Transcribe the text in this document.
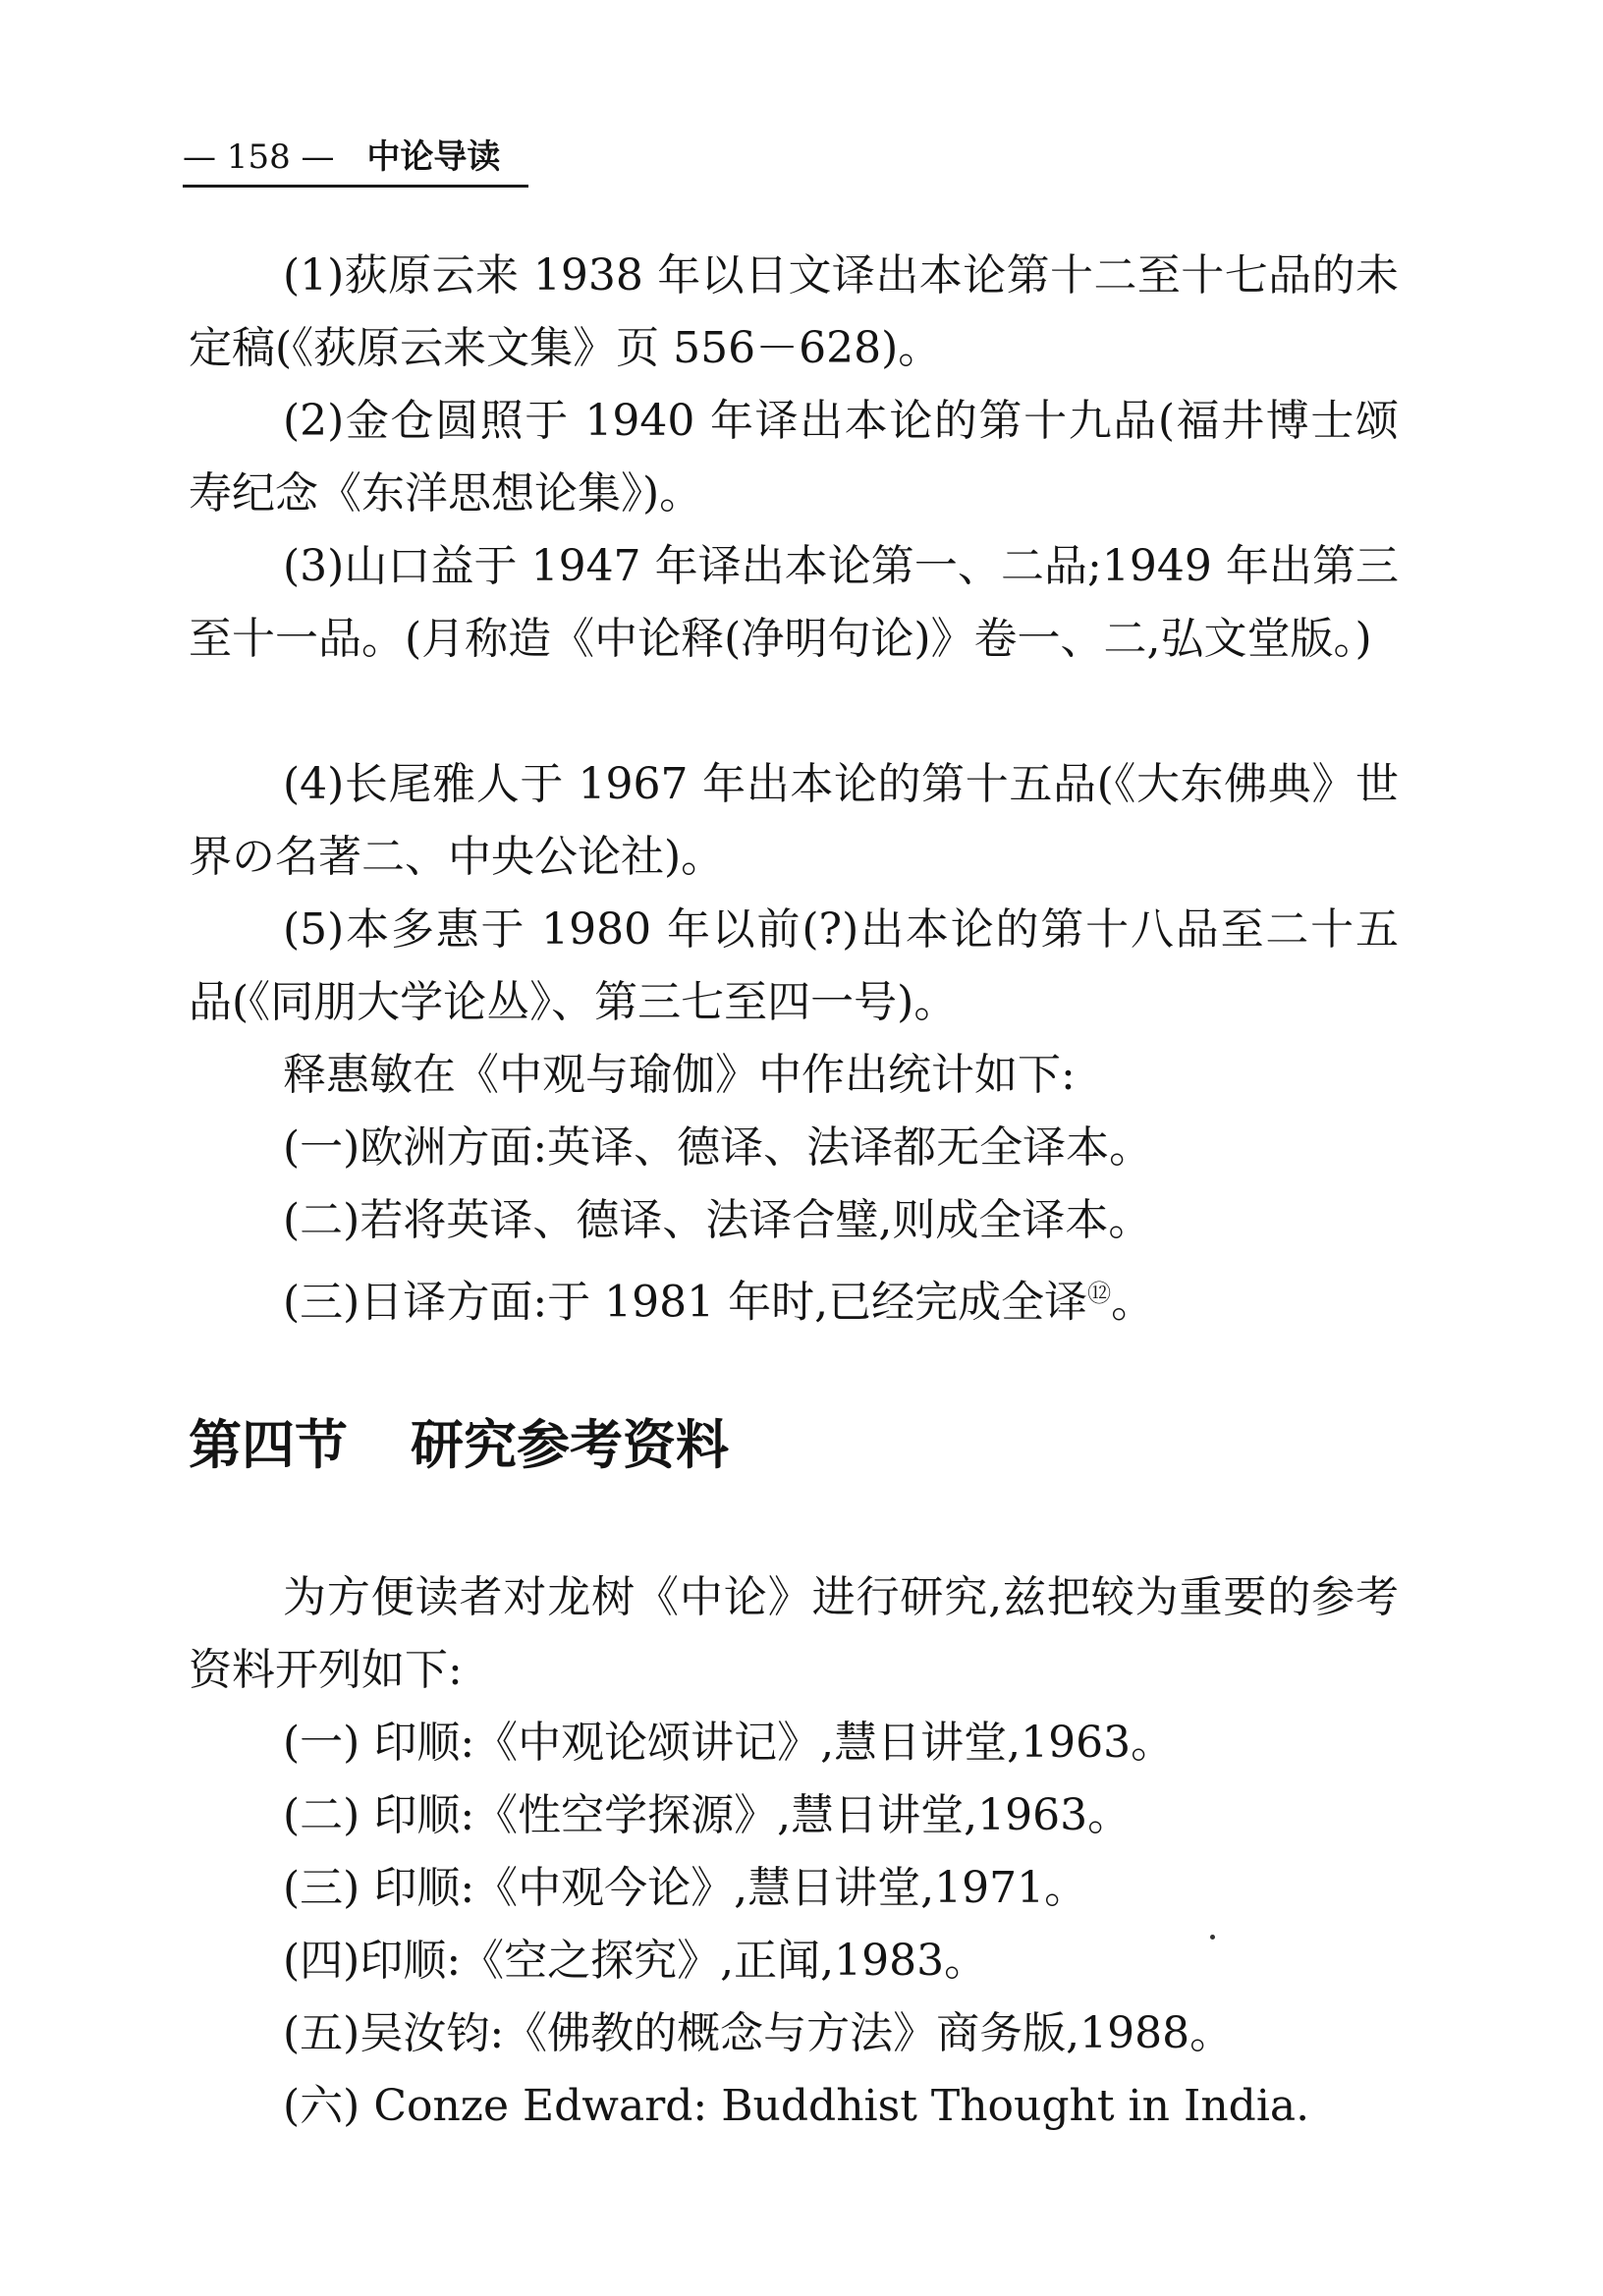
— 158 — 中论导读

(1)荻原云来 1938 年以日文译出本论第十二至十七品的未定稿(《荻原云来文集》页 556－628)。

(2)金仓圆照于 1940 年译出本论的第十九品(福井博士颂寿纪念《东洋思想论集》)。

(3)山口益于 1947 年译出本论第一、二品;1949 年出第三至十一品。(月称造《中论释(净明句论)》卷一、二,弘文堂版。)

(4)长尾雅人于 1967 年出本论的第十五品(《大东佛典》世界の名著二、中央公论社)。

(5)本多惠于 1980 年以前(?)出本论的第十八品至二十五品(《同朋大学论丛》、第三七至四一号)。

释惠敏在《中观与瑜伽》中作出统计如下:

(一)欧洲方面:英译、德译、法译都无全译本。

(二)若将英译、德译、法译合璧,则成全译本。

(三)日译方面:于 1981 年时,已经完成全译⑫。

第四节 研究参考资料

为方便读者对龙树《中论》进行研究,兹把较为重要的参考资料开列如下:

(一) 印顺:《中观论颂讲记》,慧日讲堂,1963。

(二) 印顺:《性空学探源》,慧日讲堂,1963。

(三) 印顺:《中观今论》,慧日讲堂,1971。

(四)印顺:《空之探究》,正闻,1983。

(五)吴汝钧:《佛教的概念与方法》商务版,1988。

(六) Conze Edward: Buddhist Thought in India.
